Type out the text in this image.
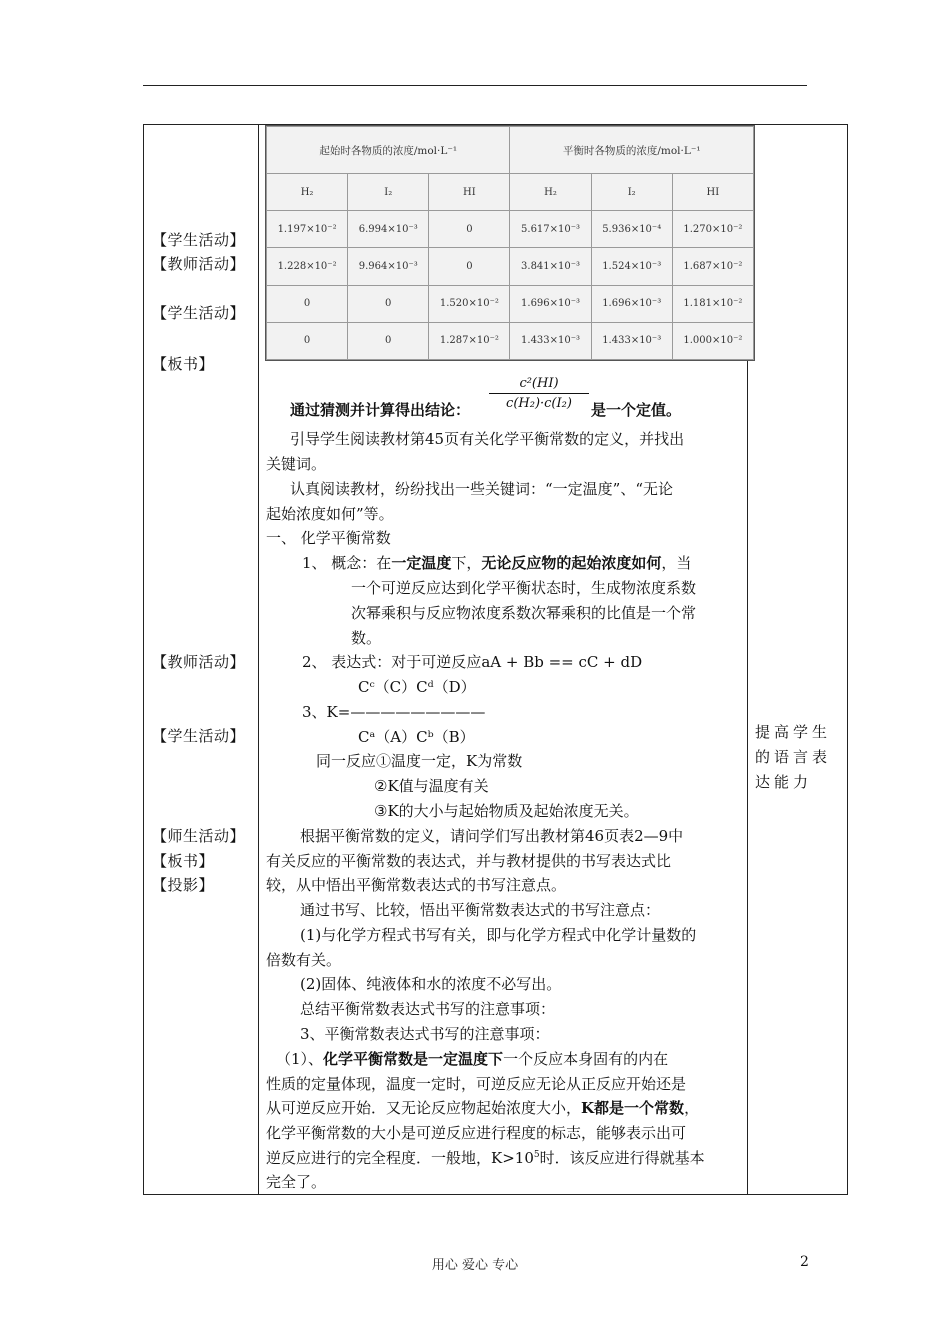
【学生活动】
【教师活动】
【学生活动】
【板书】
【教师活动】
【学生活动】
【师生活动】
【板书】
【投影】
提高学生的语言表达能力
起始时各物质的浓度/mol·L⁻¹			平衡时各物质的浓度/mol·L⁻¹		
H₂	I₂	HI	H₂	I₂	HI
1.197×10⁻²	6.994×10⁻³	0	5.617×10⁻³	5.936×10⁻⁴	1.270×10⁻²
1.228×10⁻²	9.964×10⁻³	0	3.841×10⁻³	1.524×10⁻³	1.687×10⁻²
0	0	1.520×10⁻²	1.696×10⁻³	1.696×10⁻³	1.181×10⁻²
0	0	1.287×10⁻²	1.433×10⁻³	1.433×10⁻³	1.000×10⁻²
$\frac{\text{c²(HI)}}{\text{c(H₂)·c(I₂)}}$
通过猜测并计算得出结论：	是一个定值。
引导学生阅读教材第45页有关化学平衡常数的定义，并找出
关键词。
认真阅读教材，纷纷找出一些关键词：“一定温度”、“无论
起始浓度如何”等。
一、 化学平衡常数
1、 概念：在一定温度下，无论反应物的起始浓度如何，当
一个可逆反应达到化学平衡状态时，生成物浓度系数
次幂乘积与反应物浓度系数次幂乘积的比值是一个常
数。
2、 表达式：对于可逆反应aA + Bb == cC + dD
Cᶜ（C）Cᵈ（D）
3、K=—————————
Cᵃ（A）Cᵇ（B）
同一反应①温度一定，K为常数
②K值与温度有关
③K的大小与起始物质及起始浓度无关。
根据平衡常数的定义，请问学们写出教材第46页表2—9中
有关反应的平衡常数的表达式，并与教材提供的书写表达式比
较，从中悟出平衡常数表达式的书写注意点。
通过书写、比较，悟出平衡常数表达式的书写注意点：
(1)与化学方程式书写有关，即与化学方程式中化学计量数的
倍数有关。
(2)固体、纯液体和水的浓度不必写出。
总结平衡常数表达式书写的注意事项：
3、平衡常数表达式书写的注意事项：
（1）、化学平衡常数是一定温度下一个反应本身固有的内在
性质的定量体现，温度一定时，可逆反应无论从正反应开始还是
从可逆反应开始．又无论反应物起始浓度大小，K都是一个常数，
化学平衡常数的大小是可逆反应进行程度的标志，能够表示出可
逆反应进行的完全程度．一般地，$K>10^5$时．该反应进行得就基本
完全了。
用心 爱心 专心	2
